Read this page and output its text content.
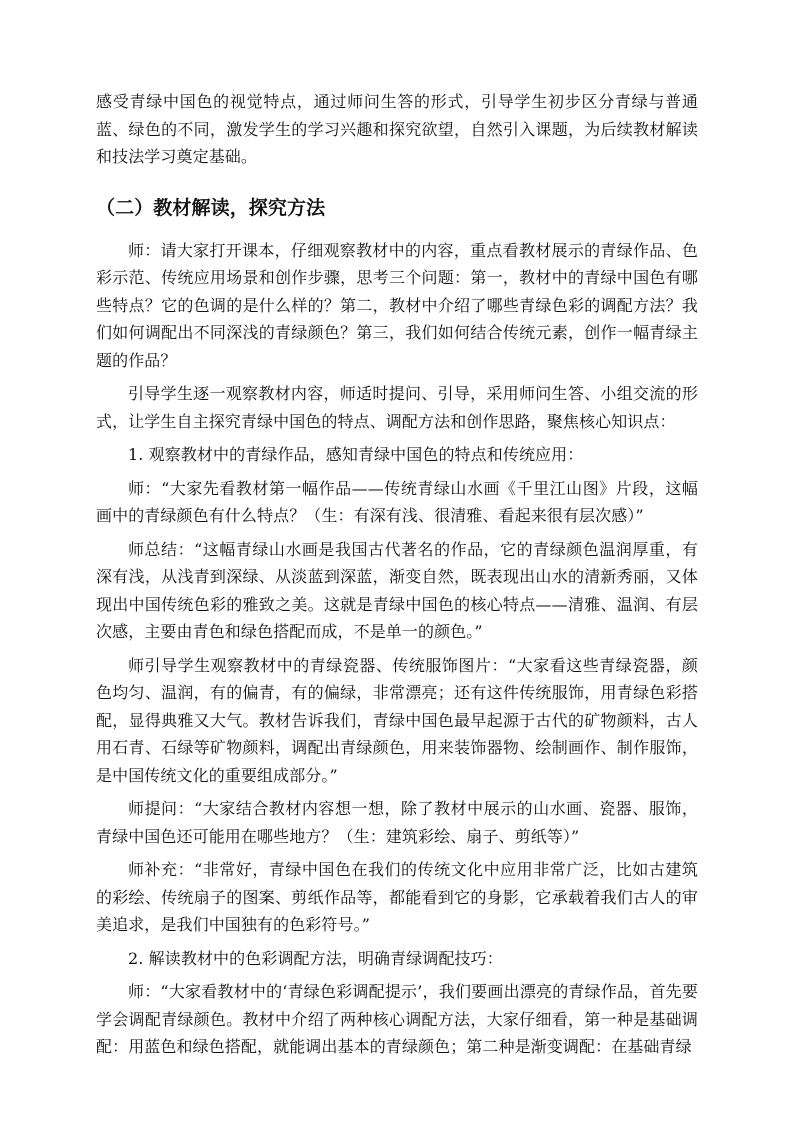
感受青绿中国色的视觉特点，通过师问生答的形式，引导学生初步区分青绿与普通蓝、绿色的不同，激发学生的学习兴趣和探究欲望，自然引入课题，为后续教材解读和技法学习奠定基础。

（二）教材解读，探究方法

师：请大家打开课本，仔细观察教材中的内容，重点看教材展示的青绿作品、色彩示范、传统应用场景和创作步骤，思考三个问题：第一，教材中的青绿中国色有哪些特点？它的色调的是什么样的？第二，教材中介绍了哪些青绿色彩的调配方法？我们如何调配出不同深浅的青绿颜色？第三，我们如何结合传统元素，创作一幅青绿主题的作品？

引导学生逐一观察教材内容，师适时提问、引导，采用师问生答、小组交流的形式，让学生自主探究青绿中国色的特点、调配方法和创作思路，聚焦核心知识点：

1. 观察教材中的青绿作品，感知青绿中国色的特点和传统应用：

师：“大家先看教材第一幅作品——传统青绿山水画《千里江山图》片段，这幅画中的青绿颜色有什么特点？（生：有深有浅、很清雅、看起来很有层次感）”

师总结：“这幅青绿山水画是我国古代著名的作品，它的青绿颜色温润厚重，有深有浅，从浅青到深绿、从淡蓝到深蓝，渐变自然，既表现出山水的清新秀丽，又体现出中国传统色彩的雅致之美。这就是青绿中国色的核心特点——清雅、温润、有层次感，主要由青色和绿色搭配而成，不是单一的颜色。”

师引导学生观察教材中的青绿瓷器、传统服饰图片：“大家看这些青绿瓷器，颜色均匀、温润，有的偏青，有的偏绿，非常漂亮；还有这件传统服饰，用青绿色彩搭配，显得典雅又大气。教材告诉我们，青绿中国色最早起源于古代的矿物颜料，古人用石青、石绿等矿物颜料，调配出青绿颜色，用来装饰器物、绘制画作、制作服饰，是中国传统文化的重要组成部分。”

师提问：“大家结合教材内容想一想，除了教材中展示的山水画、瓷器、服饰，青绿中国色还可能用在哪些地方？（生：建筑彩绘、扇子、剪纸等）”

师补充：“非常好，青绿中国色在我们的传统文化中应用非常广泛，比如古建筑的彩绘、传统扇子的图案、剪纸作品等，都能看到它的身影，它承载着我们古人的审美追求，是我们中国独有的色彩符号。”

2. 解读教材中的色彩调配方法，明确青绿调配技巧：

师：“大家看教材中的‘青绿色彩调配提示’，我们要画出漂亮的青绿作品，首先要学会调配青绿颜色。教材中介绍了两种核心调配方法，大家仔细看，第一种是基础调配：用蓝色和绿色搭配，就能调出基本的青绿颜色；第二种是渐变调配：在基础青绿
